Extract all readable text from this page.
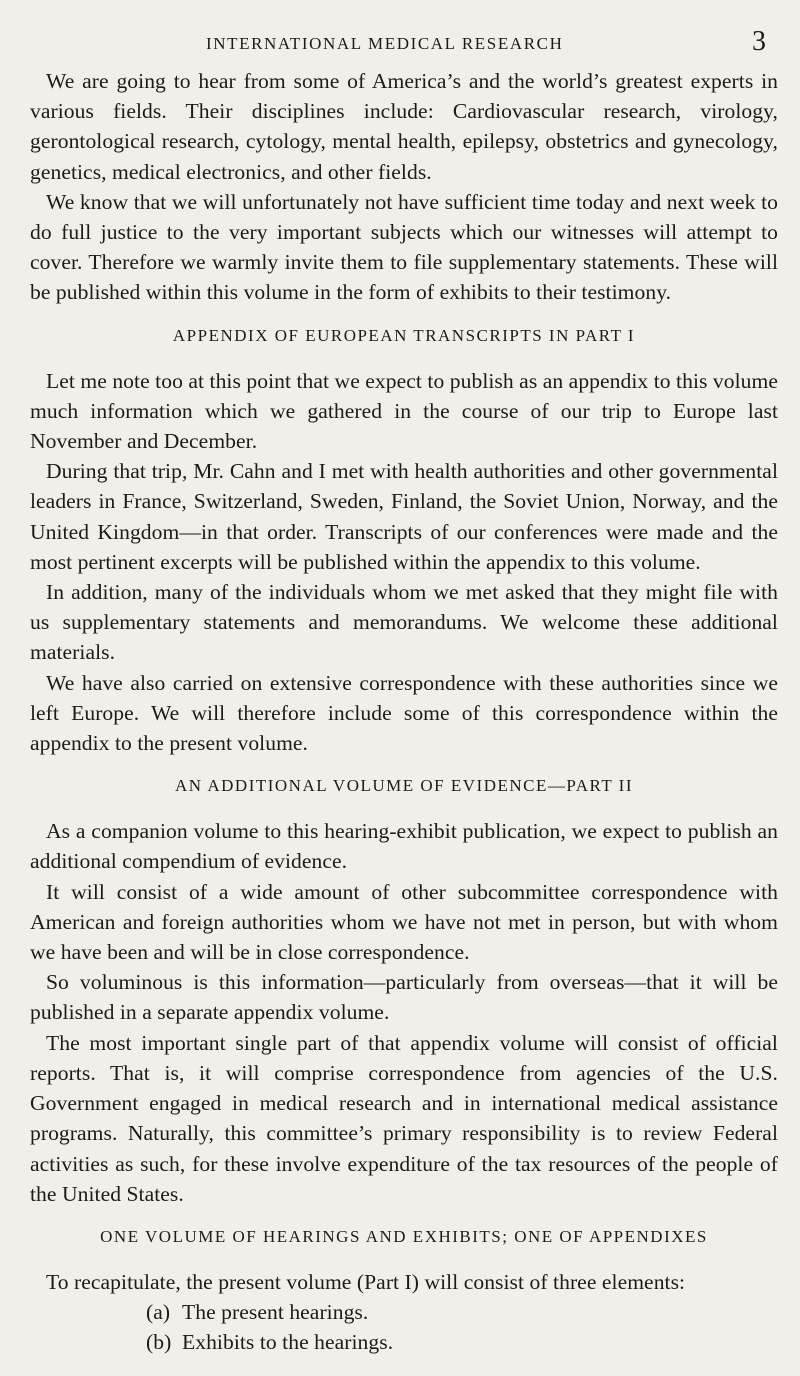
INTERNATIONAL MEDICAL RESEARCH	3

We are going to hear from some of America’s and the world’s greatest experts in various fields. Their disciplines include: Cardiovascular research, virology, gerontological research, cytology, mental health, epilepsy, obstetrics and gynecology, genetics, medical electronics, and other fields.

We know that we will unfortunately not have sufficient time today and next week to do full justice to the very important subjects which our witnesses will attempt to cover. Therefore we warmly invite them to file supplementary statements. These will be published within this volume in the form of exhibits to their testimony.

APPENDIX OF EUROPEAN TRANSCRIPTS IN PART I

Let me note too at this point that we expect to publish as an appendix to this volume much information which we gathered in the course of our trip to Europe last November and December.

During that trip, Mr. Cahn and I met with health authorities and other governmental leaders in France, Switzerland, Sweden, Finland, the Soviet Union, Norway, and the United Kingdom—in that order. Transcripts of our conferences were made and the most pertinent excerpts will be published within the appendix to this volume.

In addition, many of the individuals whom we met asked that they might file with us supplementary statements and memorandums. We welcome these additional materials.

We have also carried on extensive correspondence with these authorities since we left Europe. We will therefore include some of this correspondence within the appendix to the present volume.

AN ADDITIONAL VOLUME OF EVIDENCE—PART II

As a companion volume to this hearing-exhibit publication, we expect to publish an additional compendium of evidence.

It will consist of a wide amount of other subcommittee correspondence with American and foreign authorities whom we have not met in person, but with whom we have been and will be in close correspondence.

So voluminous is this information—particularly from overseas—that it will be published in a separate appendix volume.

The most important single part of that appendix volume will consist of official reports. That is, it will comprise correspondence from agencies of the U.S. Government engaged in medical research and in international medical assistance programs. Naturally, this committee’s primary responsibility is to review Federal activities as such, for these involve expenditure of the tax resources of the people of the United States.

ONE VOLUME OF HEARINGS AND EXHIBITS; ONE OF APPENDIXES

To recapitulate, the present volume (Part I) will consist of three elements:

(a) The present hearings.
(b) Exhibits to the hearings.
